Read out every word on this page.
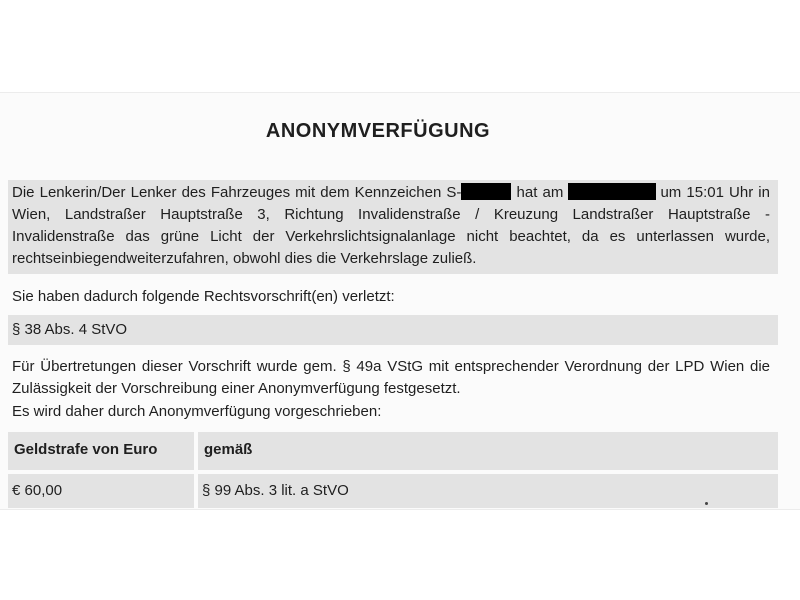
ANONYMVERFÜGUNG
Die Lenkerin/Der Lenker des Fahrzeuges mit dem Kennzeichen S-	hat am	um 15:01 Uhr in Wien, Landstraßer Hauptstraße 3, Richtung Invalidenstraße / Kreuzung Landstraßer Hauptstraße - Invalidenstraße das grüne Licht der Verkehrslichtsignalanlage nicht beachtet, da es unterlassen wurde, rechtseinbiegendweiterzufahren, obwohl dies die Verkehrslage zuließ.
Sie haben dadurch folgende Rechtsvorschrift(en) verletzt:
§ 38 Abs. 4 StVO
Für Übertretungen dieser Vorschrift wurde gem. § 49a VStG mit entsprechender Verordnung der LPD Wien die Zulässigkeit der Vorschreibung einer Anonymverfügung festgesetzt.
Es wird daher durch Anonymverfügung vorgeschrieben:
Geldstrafe von Euro	gemäß
€ 60,00	§ 99 Abs. 3 lit. a StVO
